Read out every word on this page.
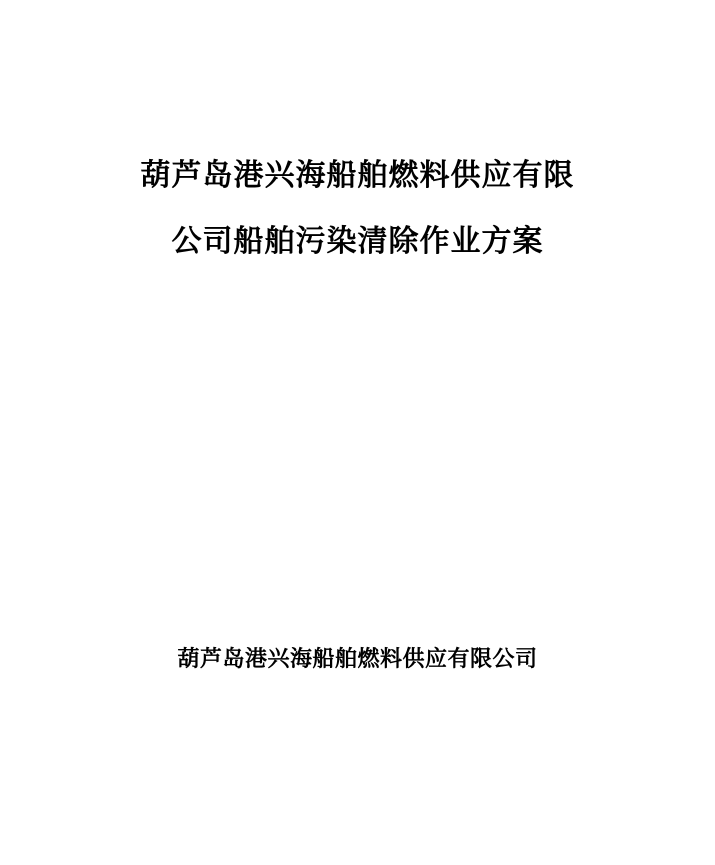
葫芦岛港兴海船舶燃料供应有限
公司船舶污染清除作业方案
葫芦岛港兴海船舶燃料供应有限公司
